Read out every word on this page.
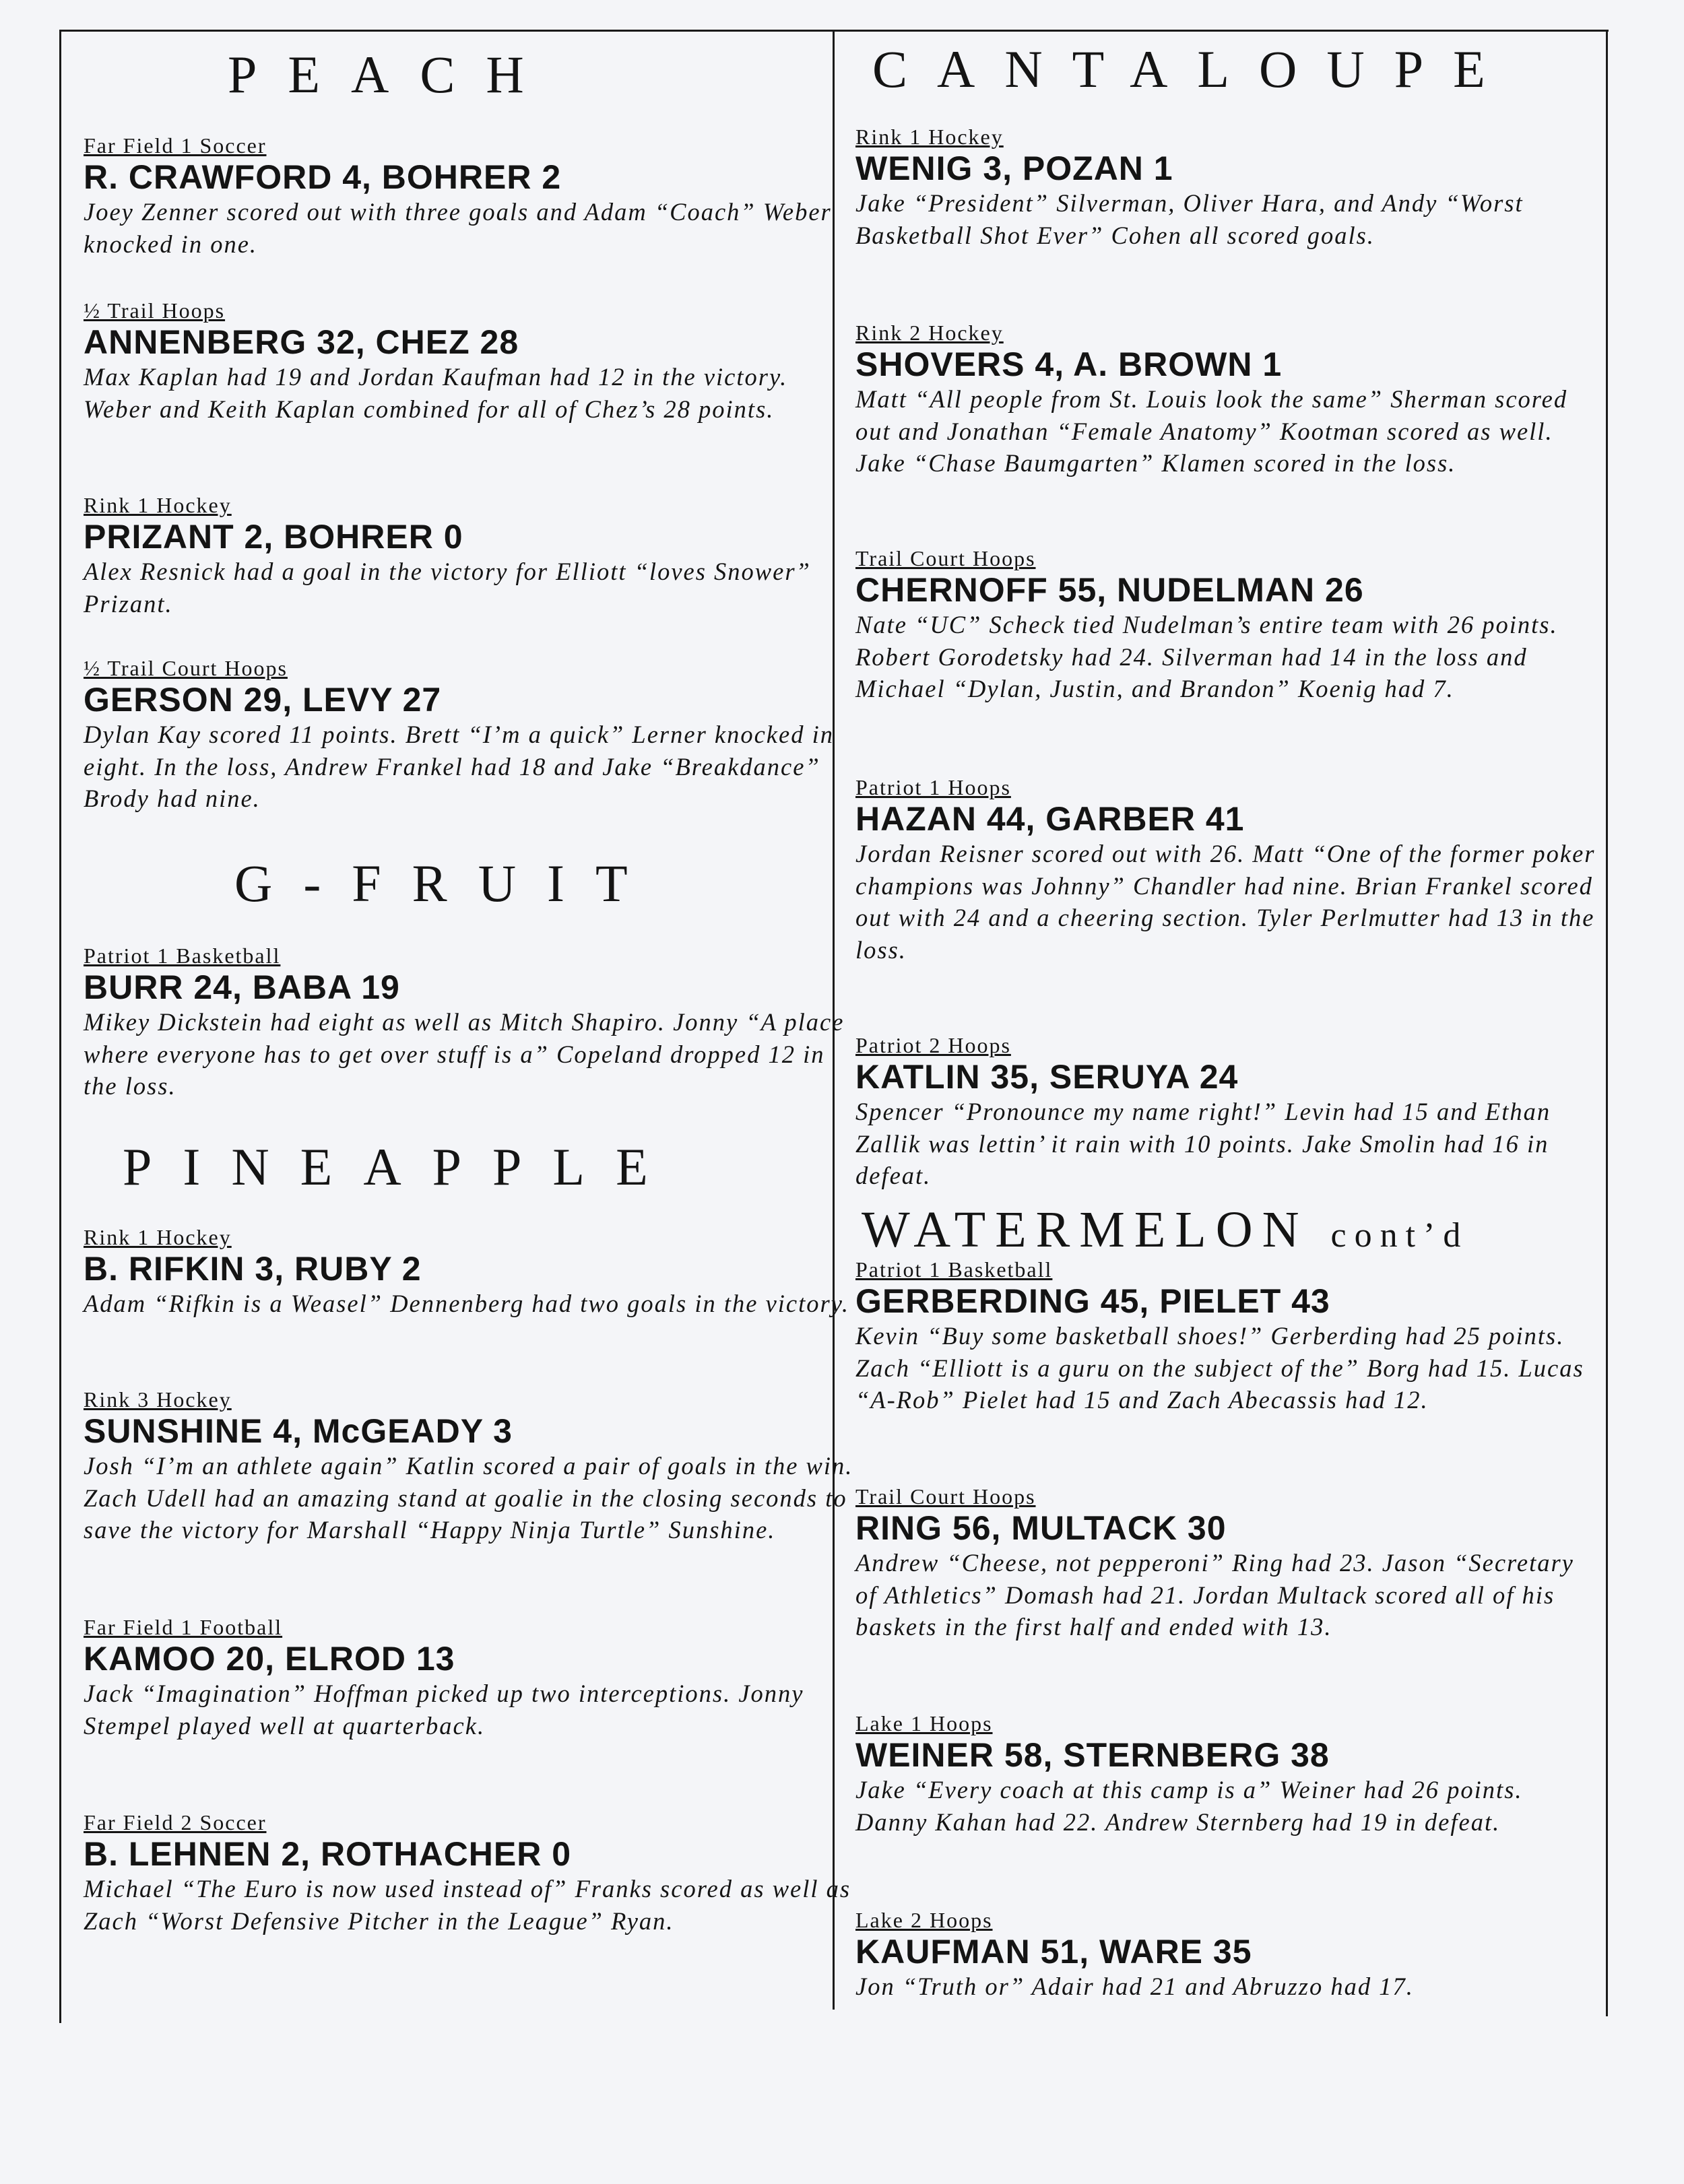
PEACH
Far Field 1 Soccer
R. CRAWFORD 4, BOHRER 2
Joey Zenner scored out with three goals and Adam “Coach” Weber knocked in one.
½ Trail Hoops
ANNENBERG 32, CHEZ 28
Max Kaplan had 19 and Jordan Kaufman had 12 in the victory. Weber and Keith Kaplan combined for all of Chez’s 28 points.
Rink 1 Hockey
PRIZANT 2, BOHRER 0
Alex Resnick had a goal in the victory for Elliott “loves Snower” Prizant.
½ Trail Court Hoops
GERSON 29, LEVY 27
Dylan Kay scored 11 points. Brett “I’m a quick” Lerner knocked in eight. In the loss, Andrew Frankel had 18 and Jake “Breakdance” Brody had nine.
G-FRUIT
Patriot 1 Basketball
BURR 24, BABA 19
Mikey Dickstein had eight as well as Mitch Shapiro. Jonny “A place where everyone has to get over stuff is a” Copeland dropped 12 in the loss.
PINEAPPLE
Rink 1 Hockey
B. RIFKIN 3, RUBY 2
Adam “Rifkin is a Weasel” Dennenberg had two goals in the victory.
Rink 3 Hockey
SUNSHINE 4, McGEADY 3
Josh “I’m an athlete again” Katlin scored a pair of goals in the win. Zach Udell had an amazing stand at goalie in the closing seconds to save the victory for Marshall “Happy Ninja Turtle” Sunshine.
Far Field 1 Football
KAMOO 20, ELROD 13
Jack “Imagination” Hoffman picked up two interceptions. Jonny Stempel played well at quarterback.
Far Field 2 Soccer
B. LEHNEN 2, ROTHACHER 0
Michael “The Euro is now used instead of” Franks scored as well as Zach “Worst Defensive Pitcher in the League” Ryan.
CANTALOUPE
Rink 1 Hockey
WENIG 3, POZAN 1
Jake “President” Silverman, Oliver Hara, and Andy “Worst Basketball Shot Ever” Cohen all scored goals.
Rink 2 Hockey
SHOVERS 4, A. BROWN 1
Matt “All people from St. Louis look the same” Sherman scored out and Jonathan “Female Anatomy” Kootman scored as well. Jake “Chase Baumgarten” Klamen scored in the loss.
Trail Court Hoops
CHERNOFF 55, NUDELMAN 26
Nate “UC” Scheck tied Nudelman’s entire team with 26 points. Robert Gorodetsky had 24. Silverman had 14 in the loss and Michael “Dylan, Justin, and Brandon” Koenig had 7.
Patriot 1 Hoops
HAZAN 44, GARBER 41
Jordan Reisner scored out with 26. Matt “One of the former poker champions was Johnny” Chandler had nine. Brian Frankel scored out with 24 and a cheering section. Tyler Perlmutter had 13 in the loss.
Patriot 2 Hoops
KATLIN 35, SERUYA 24
Spencer “Pronounce my name right!” Levin had 15 and Ethan Zallik was lettin’ it rain with 10 points. Jake Smolin had 16 in defeat.
WATERMELON cont’d
Patriot 1 Basketball
GERBERDING 45, PIELET 43
Kevin “Buy some basketball shoes!” Gerberding had 25 points. Zach “Elliott is a guru on the subject of the” Borg had 15. Lucas “A-Rob” Pielet had 15 and Zach Abecassis had 12.
Trail Court Hoops
RING 56, MULTACK 30
Andrew “Cheese, not pepperoni” Ring had 23. Jason “Secretary of Athletics” Domash had 21. Jordan Multack scored all of his baskets in the first half and ended with 13.
Lake 1 Hoops
WEINER 58, STERNBERG 38
Jake “Every coach at this camp is a” Weiner had 26 points. Danny Kahan had 22. Andrew Sternberg had 19 in defeat.
Lake 2 Hoops
KAUFMAN 51, WARE 35
Jon “Truth or” Adair had 21 and Abruzzo had 17.
